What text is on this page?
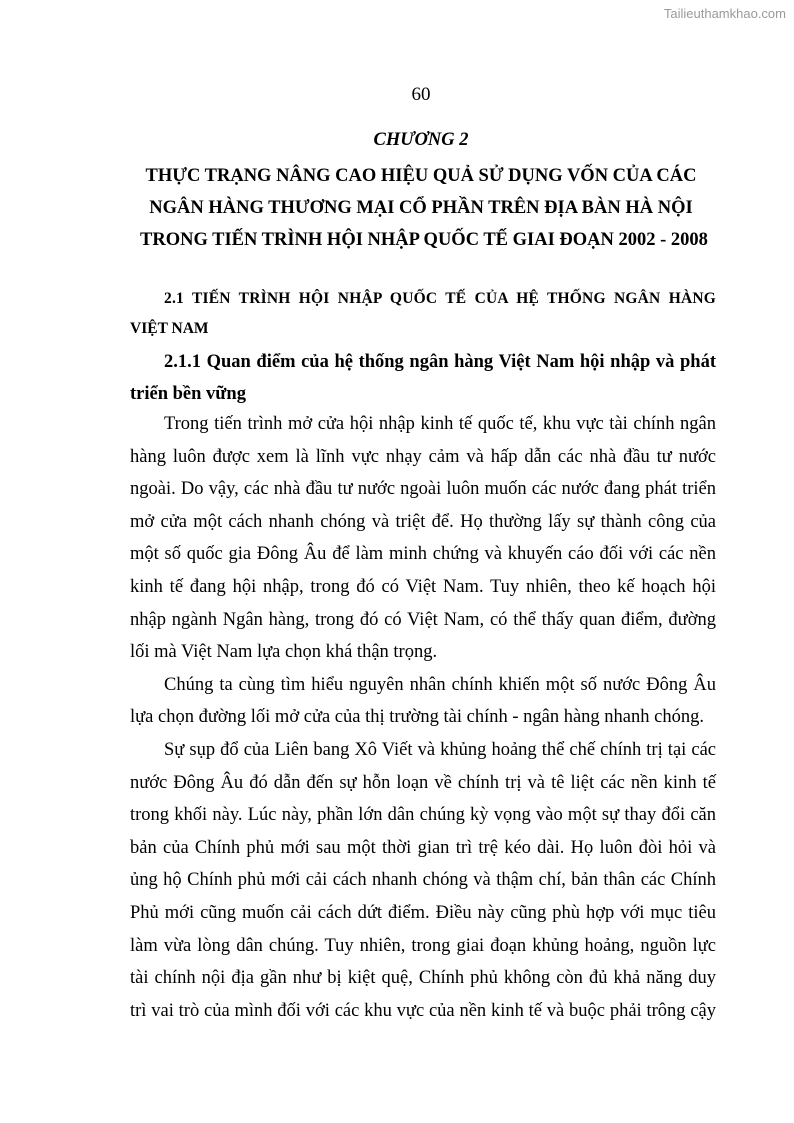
Tailieuthamkhao.com
60
CHƯƠNG 2
THỰC TRẠNG NÂNG CAO HIỆU QUẢ SỬ DỤNG VỐN CỦA CÁC
NGÂN HÀNG THƯƠNG MẠI CỔ PHẦN TRÊN ĐỊA BÀN HÀ NỘI
TRONG TIẾN TRÌNH HỘI NHẬP QUỐC TẾ GIAI ĐOẠN 2002 - 2008
2.1 TIẾN TRÌNH HỘI NHẬP QUỐC TẾ CỦA HỆ THỐNG NGÂN HÀNG
VIỆT NAM
2.1.1 Quan điểm của hệ thống ngân hàng Việt Nam hội nhập và phát
triển bền vững
Trong tiến trình mở cửa hội nhập kinh tế quốc tế, khu vực tài chính ngân
hàng luôn được xem là lĩnh vực nhạy cảm và hấp dẫn các nhà đầu tư nước
ngoài. Do vậy, các nhà đầu tư nước ngoài luôn muốn các nước đang phát triển
mở cửa một cách nhanh chóng và triệt để. Họ thường lấy sự thành công của
một số quốc gia Đông Âu để làm minh chứng và khuyến cáo đối với các nền
kinh tế đang hội nhập, trong đó có Việt Nam. Tuy nhiên, theo kế hoạch hội
nhập ngành Ngân hàng, trong đó có Việt Nam, có thể thấy quan điểm, đường
lối mà Việt Nam lựa chọn khá thận trọng.
Chúng ta cùng tìm hiểu nguyên nhân chính khiến một số nước Đông Âu
lựa chọn đường lối mở cửa của thị trường tài chính - ngân hàng nhanh chóng.
Sự sụp đổ của Liên bang Xô Viết và khủng hoảng thể chế chính trị tại các
nước Đông Âu đó dẫn đến sự hỗn loạn về chính trị và tê liệt các nền kinh tế
trong khối này. Lúc này, phần lớn dân chúng kỳ vọng vào một sự thay đổi căn
bản của Chính phủ mới sau một thời gian trì trệ kéo dài. Họ luôn đòi hỏi và
ủng hộ Chính phủ mới cải cách nhanh chóng và thậm chí, bản thân các Chính
Phủ mới cũng muốn cải cách dứt điểm. Điều này cũng phù hợp với mục tiêu
làm vừa lòng dân chúng. Tuy nhiên, trong giai đoạn khủng hoảng, nguồn lực
tài chính nội địa gần như bị kiệt quệ, Chính phủ không còn đủ khả năng duy
trì vai trò của mình đối với các khu vực của nền kinh tế và buộc phải trông cậy
